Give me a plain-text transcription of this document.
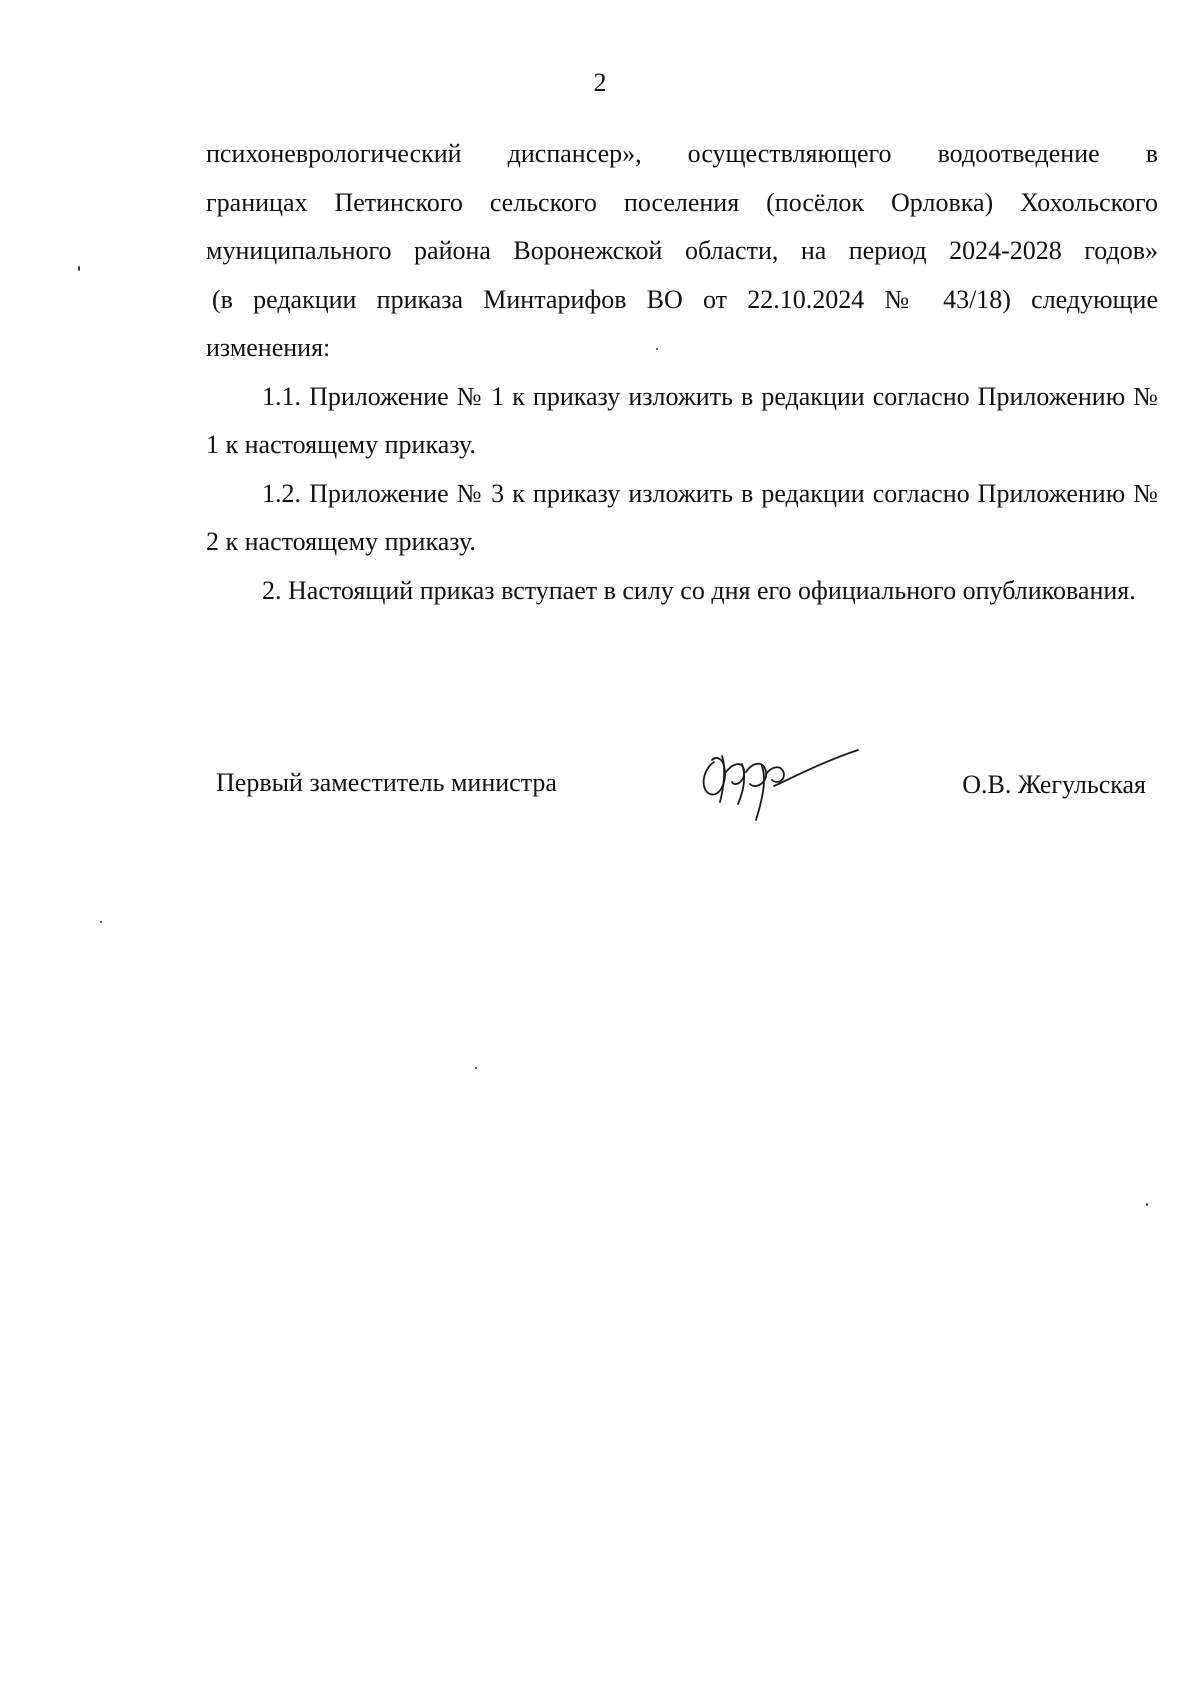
2

психоневрологический диспансер», осуществляющего водоотведение в

границах Петинского сельского поселения (посёлок Орловка) Хохольского

муниципального района Воронежской области, на период 2024-2028 годов»

(в редакции приказа Минтарифов ВО от 22.10.2024 № 43/18) следующие

изменения:

1.1. Приложение № 1 к приказу изложить в редакции согласно Приложению № 1 к настоящему приказу.

1.2. Приложение № 3 к приказу изложить в редакции согласно Приложению № 2 к настоящему приказу.

2. Настоящий приказ вступает в силу со дня его официального опубликования.

Первый заместитель министра	О.В. Жегульская
